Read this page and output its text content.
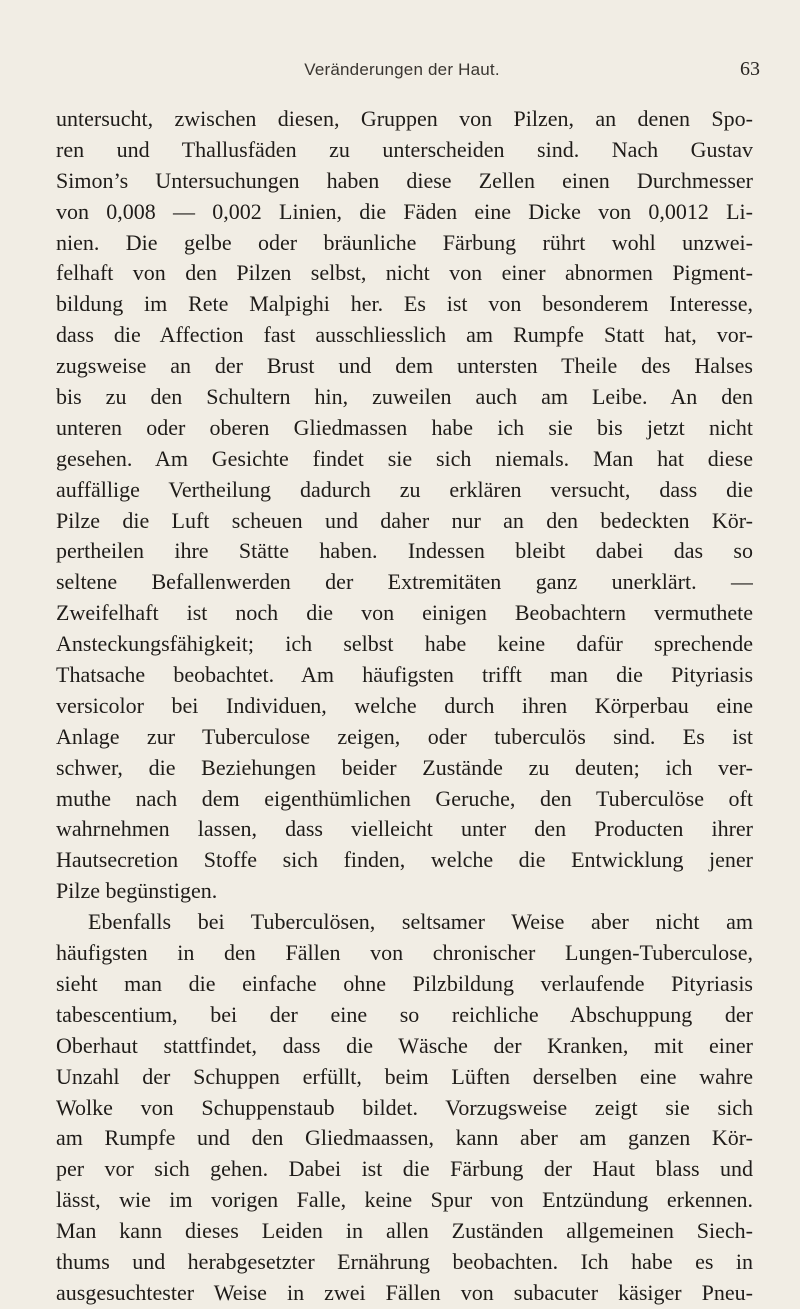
Veränderungen der Haut.	63
untersucht, zwischen diesen, Gruppen von Pilzen, an denen Spo-
ren und Thallusfäden zu unterscheiden sind. Nach Gustav
Simon’s Untersuchungen haben diese Zellen einen Durchmesser
von 0,008 — 0,002 Linien, die Fäden eine Dicke von 0,0012 Li-
nien. Die gelbe oder bräunliche Färbung rührt wohl unzwei-
felhaft von den Pilzen selbst, nicht von einer abnormen Pigment-
bildung im Rete Malpighi her. Es ist von besonderem Interesse,
dass die Affection fast ausschliesslich am Rumpfe Statt hat, vor-
zugsweise an der Brust und dem untersten Theile des Halses
bis zu den Schultern hin, zuweilen auch am Leibe. An den
unteren oder oberen Gliedmassen habe ich sie bis jetzt nicht
gesehen. Am Gesichte findet sie sich niemals. Man hat diese
auffällige Vertheilung dadurch zu erklären versucht, dass die
Pilze die Luft scheuen und daher nur an den bedeckten Kör-
pertheilen ihre Stätte haben. Indessen bleibt dabei das so
seltene Befallenwerden der Extremitäten ganz unerklärt. —
Zweifelhaft ist noch die von einigen Beobachtern vermuthete
Ansteckungsfähigkeit; ich selbst habe keine dafür sprechende
Thatsache beobachtet. Am häufigsten trifft man die Pityriasis
versicolor bei Individuen, welche durch ihren Körperbau eine
Anlage zur Tuberculose zeigen, oder tuberculös sind. Es ist
schwer, die Beziehungen beider Zustände zu deuten; ich ver-
muthe nach dem eigenthümlichen Geruche, den Tuberculöse oft
wahrnehmen lassen, dass vielleicht unter den Producten ihrer
Hautsecretion Stoffe sich finden, welche die Entwicklung jener
Pilze begünstigen.
Ebenfalls bei Tuberculösen, seltsamer Weise aber nicht am
häufigsten in den Fällen von chronischer Lungen-Tuberculose,
sieht man die einfache ohne Pilzbildung verlaufende Pityriasis
tabescentium, bei der eine so reichliche Abschuppung der
Oberhaut stattfindet, dass die Wäsche der Kranken, mit einer
Unzahl der Schuppen erfüllt, beim Lüften derselben eine wahre
Wolke von Schuppenstaub bildet. Vorzugsweise zeigt sie sich
am Rumpfe und den Gliedmaassen, kann aber am ganzen Kör-
per vor sich gehen. Dabei ist die Färbung der Haut blass und
lässt, wie im vorigen Falle, keine Spur von Entzündung erkennen.
Man kann dieses Leiden in allen Zuständen allgemeinen Siech-
thums und herabgesetzter Ernährung beobachten. Ich habe es in
ausgesuchtester Weise in zwei Fällen von subacuter käsiger Pneu-
